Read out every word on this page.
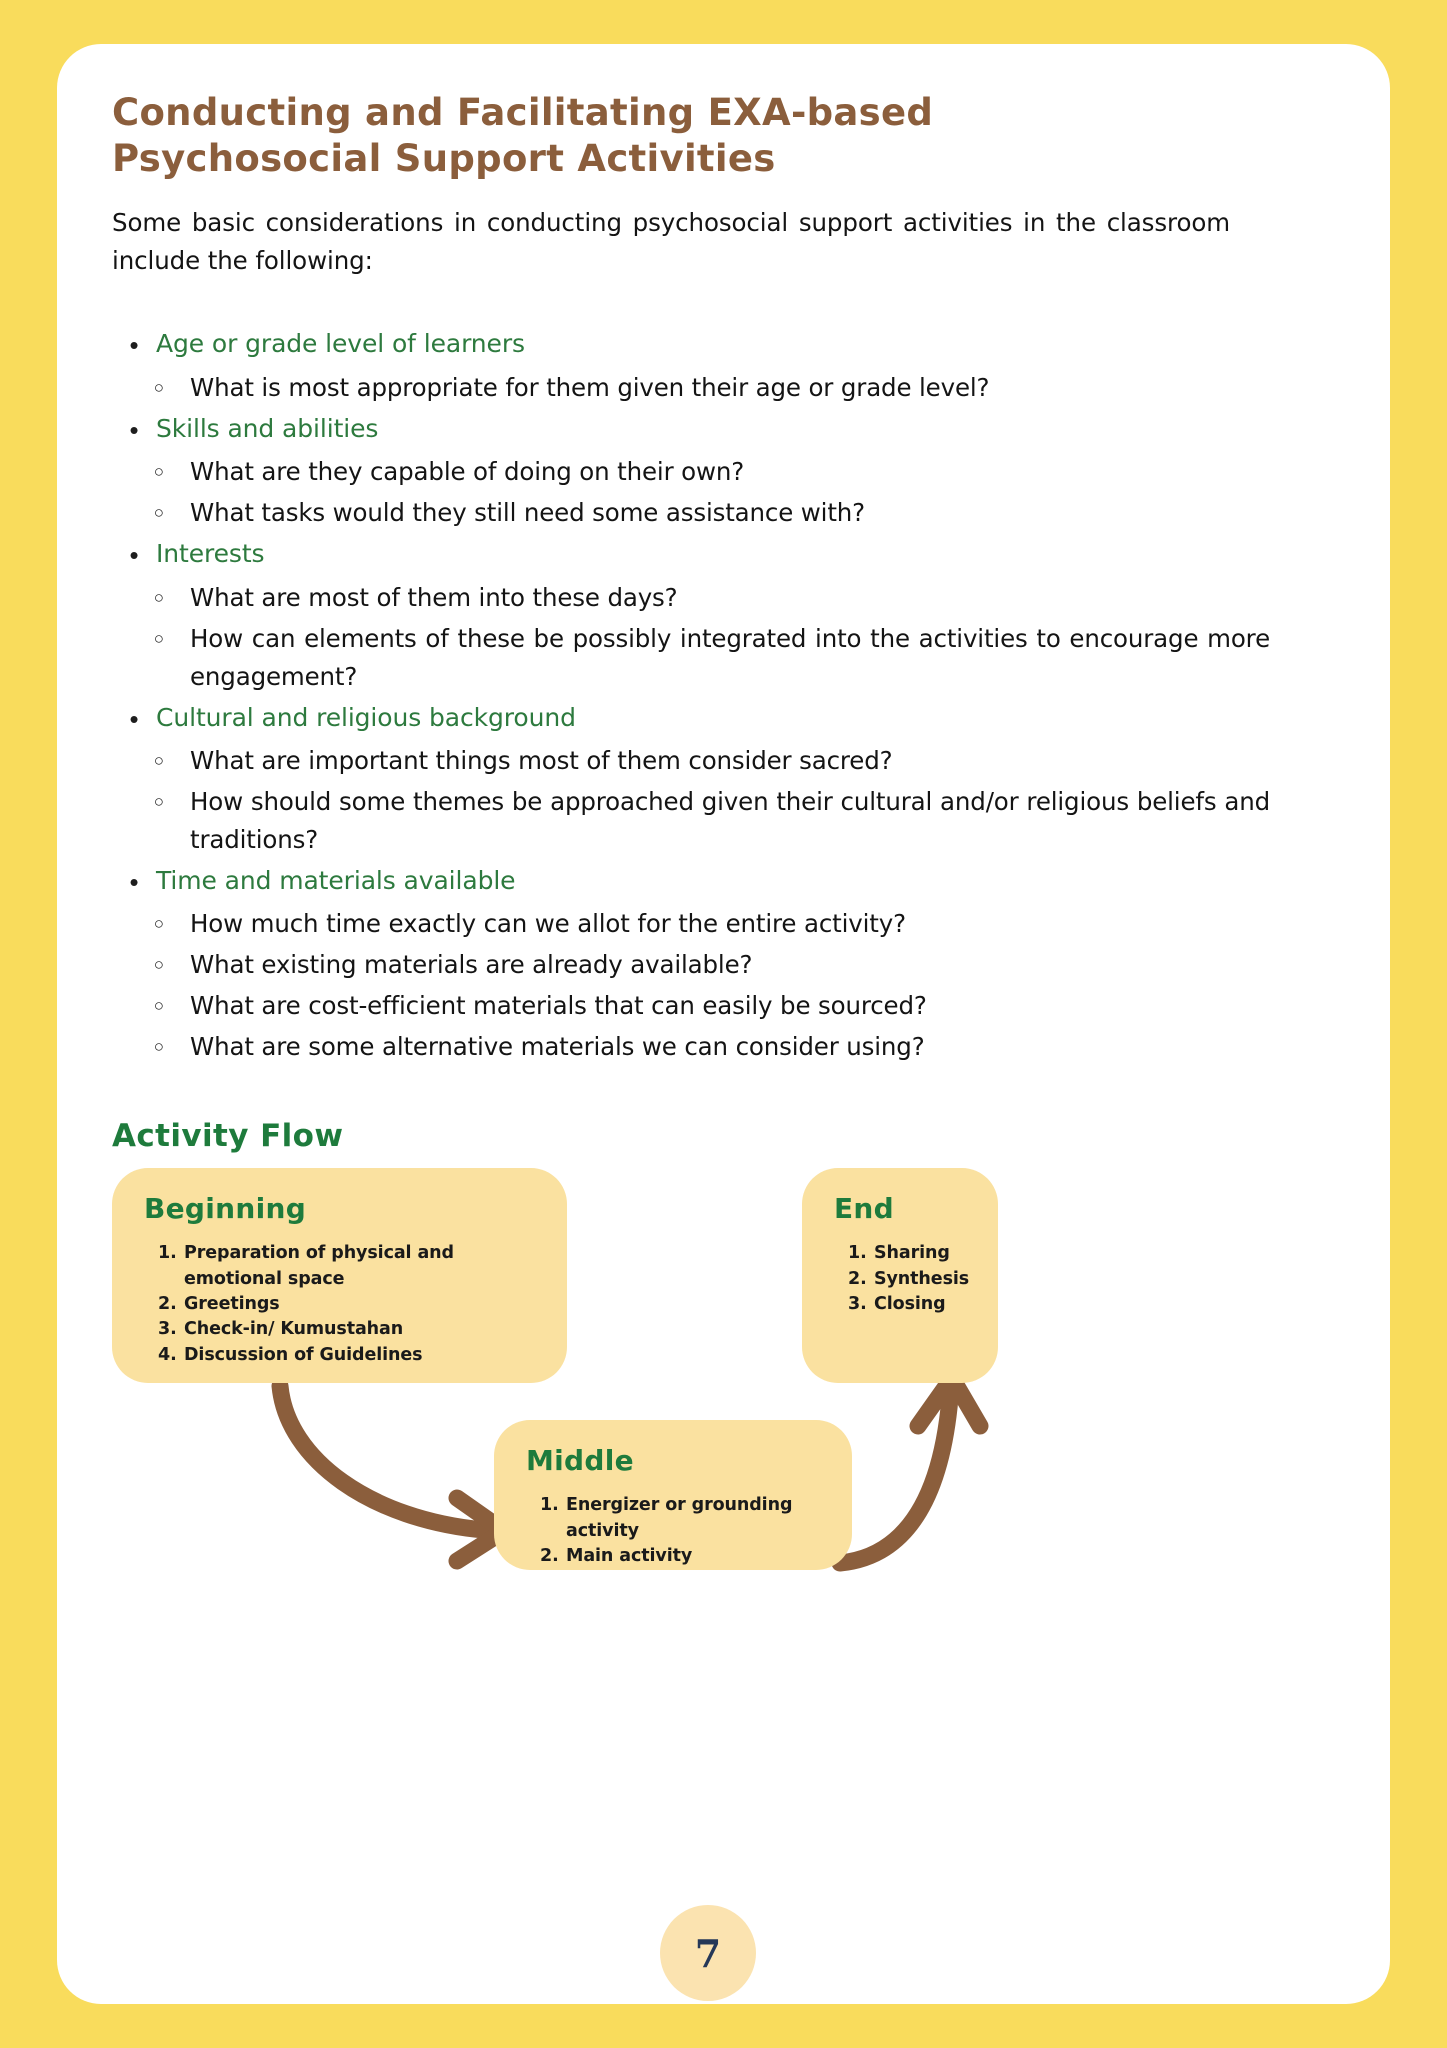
Conducting and Facilitating EXA-based Psychosocial Support Activities

Some basic considerations in conducting psychosocial support activities in the classroom include the following:

• Age or grade level of learners
○	What is most appropriate for them given their age or grade level?
• Skills and abilities
○	What are they capable of doing on their own?
○	What tasks would they still need some assistance with?
• Interests
○	What are most of them into these days?
○	How can elements of these be possibly integrated into the activities to encourage more engagement?
• Cultural and religious background
○	What are important things most of them consider sacred?
○	How should some themes be approached given their cultural and/or religious beliefs and traditions?
• Time and materials available
○	How much time exactly can we allot for the entire activity?
○	What existing materials are already available?
○	What are cost-efficient materials that can easily be sourced?
○	What are some alternative materials we can consider using?
Activity Flow
Beginning
Preparation of physical and emotional space
Greetings
Check-in/ Kumustahan
Discussion of Guidelines
Middle
Energizer or grounding activity
Main activity
End
Sharing
Synthesis
Closing
7
